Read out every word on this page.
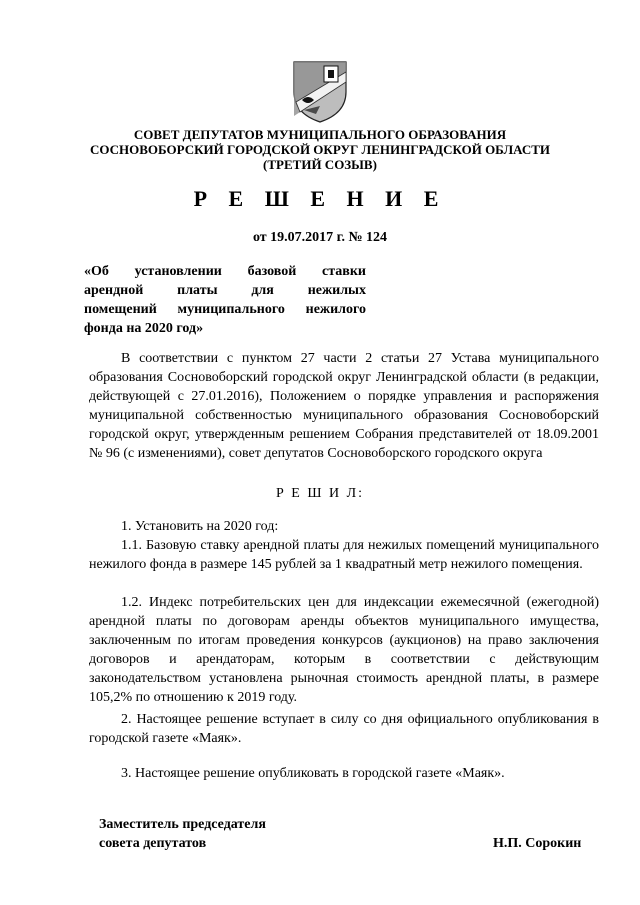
СОВЕТ ДЕПУТАТОВ МУНИЦИПАЛЬНОГО ОБРАЗОВАНИЯ
СОСНОВОБОРСКИЙ ГОРОДСКОЙ ОКРУГ ЛЕНИНГРАДСКОЙ ОБЛАСТИ
(ТРЕТИЙ СОЗЫВ)
Р Е Ш Е Н И Е
от 19.07.2017 г. № 124
«Об установлении базовой ставки
арендной платы для нежилых
помещений муниципального нежилого
фонда на 2020 год»

В соответствии с пунктом 27 части 2 статьи 27 Устава муниципального образования Сосновоборский городской округ Ленинградской области (в редакции, действующей с 27.01.2016), Положением о порядке управления и распоряжения муниципальной собственностью муниципального образования Сосновоборский городской округ, утвержденным решением Собрания представителей от 18.09.2001 № 96 (с изменениями), совет депутатов Сосновоборского городского округа

Р Е Ш И Л:

1. Установить на 2020 год:

1.1. Базовую ставку арендной платы для нежилых помещений муниципального нежилого фонда в размере 145 рублей за 1 квадратный метр нежилого помещения.

1.2. Индекс потребительских цен для индексации ежемесячной (ежегодной) арендной платы по договорам аренды объектов муниципального имущества, заключенным по итогам проведения конкурсов (аукционов) на право заключения договоров и арендаторам, которым в соответствии с действующим законодательством установлена рыночная стоимость арендной платы, в размере 105,2% по отношению к 2019 году.

2. Настоящее решение вступает в силу со дня официального опубликования в городской газете «Маяк».

3. Настоящее решение опубликовать в городской газете «Маяк».

Заместитель председателя
совета депутатов	Н.П. Сорокин
